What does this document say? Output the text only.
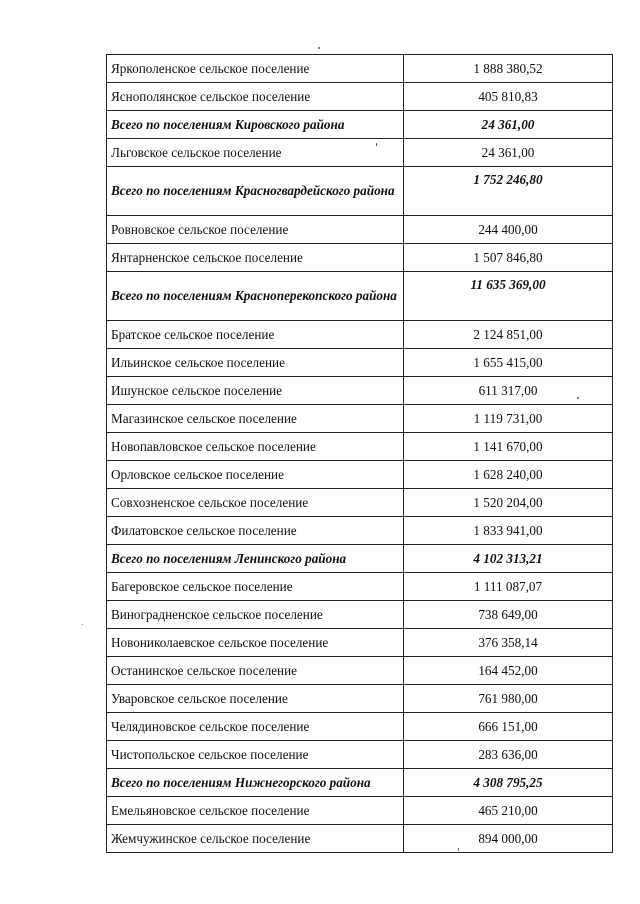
Яркополенское сельское поселение	1 888 380,52
Яснополянское сельское поселение	405 810,83
Всего по поселениям Кировского района	24 361,00
Льговское сельское поселение	24 361,00
Всего по поселениям Красногвардейского района	1 752 246,80
Ровновское сельское поселение	244 400,00
Янтарненское сельское поселение	1 507 846,80
Всего по поселениям Красноперекопского района	11 635 369,00
Братское сельское поселение	2 124 851,00
Ильинское сельское поселение	1 655 415,00
Ишунское сельское поселение	611 317,00
Магазинское сельское поселение	1 119 731,00
Новопавловское сельское поселение	1 141 670,00
Орловское сельское поселение	1 628 240,00
Совхозненское сельское поселение	1 520 204,00
Филатовское сельское поселение	1 833 941,00
Всего по поселениям Ленинского района	4 102 313,21
Багеровское сельское поселение	1 111 087,07
Виноградненское сельское поселение	738 649,00
Новониколаевское сельское поселение	376 358,14
Останинское сельское поселение	164 452,00
Уваровское сельское поселение	761 980,00
Челядиновское сельское поселение	666 151,00
Чистопольское сельское поселение	283 636,00
Всего по поселениям Нижнегорского района	4 308 795,25
Емельяновское сельское поселение	465 210,00
Жемчужинское сельское поселение	894 000,00
